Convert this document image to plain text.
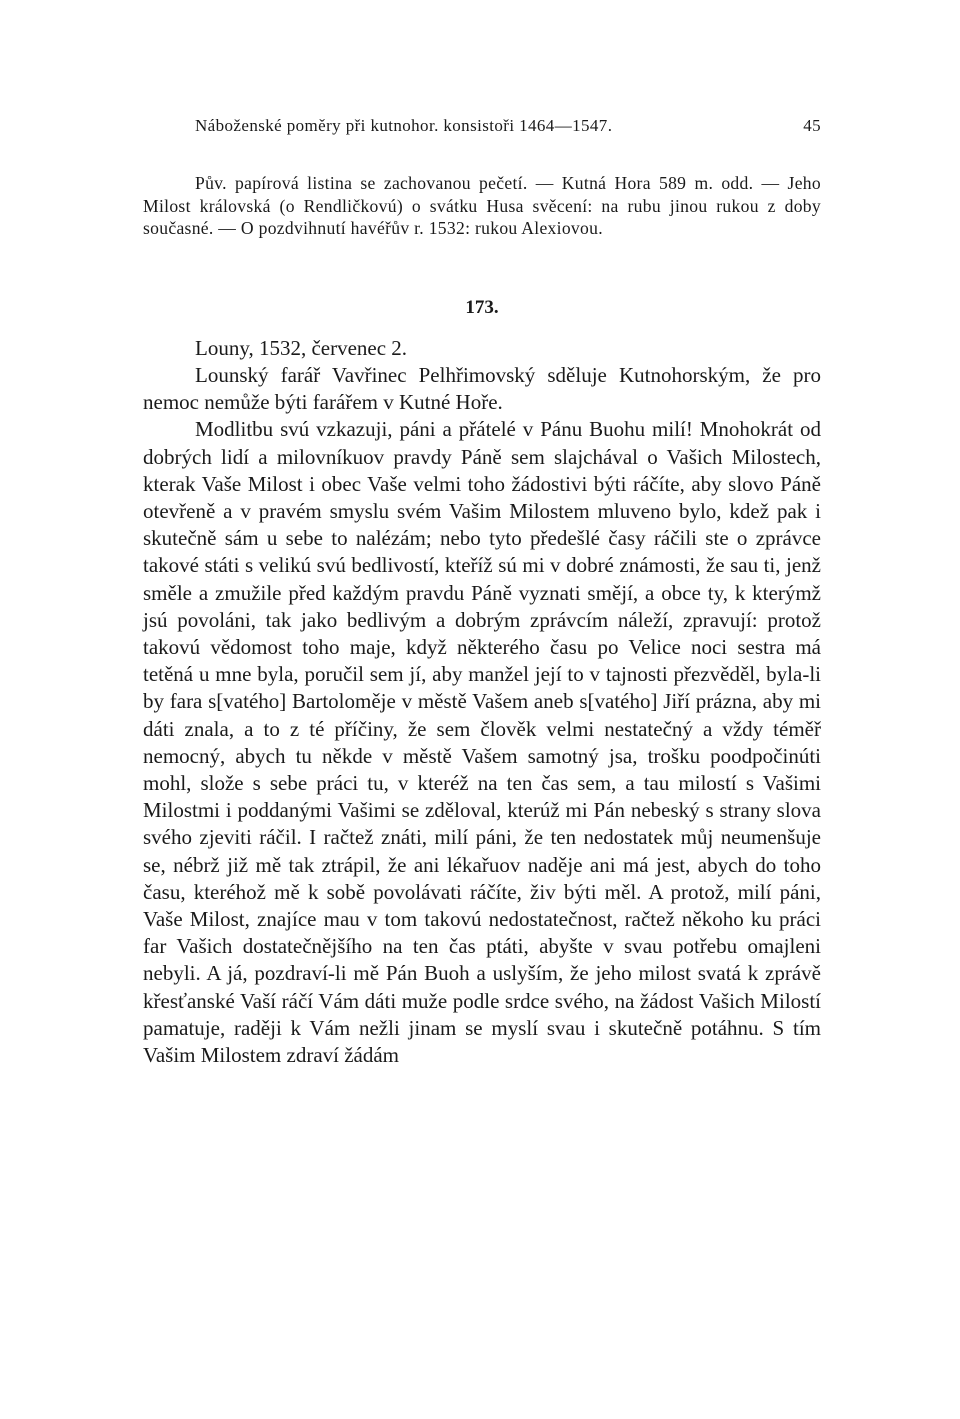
Náboženské poměry při kutnohor. konsistoři 1464—1547.	45

Pův. papírová listina se zachovanou pečetí. — Kutná Hora 589 m. odd. — Jeho Milost královská (o Rendličkovú) o svátku Husa svěcení: na rubu jinou rukou z doby současné. — O pozdvihnutí havéřův r. 1532: rukou Alexiovou.

173.
Louny, 1532, červenec 2.

Lounský farář Vavřinec Pelhřimovský sděluje Kutnohorským, že pro nemoc nemůže býti farářem v Kutné Hoře.

Modlitbu svú vzkazuji, páni a přátelé v Pánu Buohu milí! Mnohokrát od dobrých lidí a milovníkuov pravdy Páně sem slajchával o Vašich Milostech, kterak Vaše Milost i obec Vaše velmi toho žádostivi býti ráčíte, aby slovo Páně otevřeně a v pravém smyslu svém Vašim Milostem mluveno bylo, kdež pak i skutečně sám u sebe to nalézám; nebo tyto předešlé časy ráčili ste o zprávce takové státi s velikú svú bedlivostí, kteříž sú mi v dobré známosti, že sau ti, jenž směle a zmužile před každým pravdu Páně vyznati smějí, a obce ty, k kterýmž jsú povoláni, tak jako bedlivým a dobrým zprávcím náleží, zpravují: protož takovú vědomost toho maje, když některého času po Velice noci sestra má tetěná u mne byla, poručil sem jí, aby manžel její to v tajnosti přezvěděl, byla-li by fara s[vatého] Bartoloměje v městě Vašem aneb s[vatého] Jiří prázna, aby mi dáti znala, a to z té příčiny, že sem člověk velmi nestatečný a vždy téměř nemocný, abych tu někde v městě Vašem samotný jsa, trošku poodpočinúti mohl, slože s sebe práci tu, v kteréž na ten čas sem, a tau milostí s Vašimi Milostmi i poddanými Vašimi se zděloval, kterúž mi Pán nebeský s strany slova svého zjeviti ráčil. I račtež znáti, milí páni, že ten nedostatek můj neumenšuje se, nébrž již mě tak ztrápil, že ani lékařuov naděje ani má jest, abych do toho času, kteréhož mě k sobě povolávati ráčíte, živ býti měl. A protož, milí páni, Vaše Milost, znajíce mau v tom takovú nedostatečnost, račtež někoho ku práci far Vašich dostatečnějšího na ten čas ptáti, abyšte v svau potřebu omajleni nebyli. A já, pozdraví-li mě Pán Buoh a uslyším, že jeho milost svatá k zprávě křesťanské Vaší ráčí Vám dáti muže podle srdce svého, na žádost Vašich Milostí pamatuje, raději k Vám nežli jinam se myslí svau i skutečně potáhnu. S tím Vašim Milostem zdraví žádám
